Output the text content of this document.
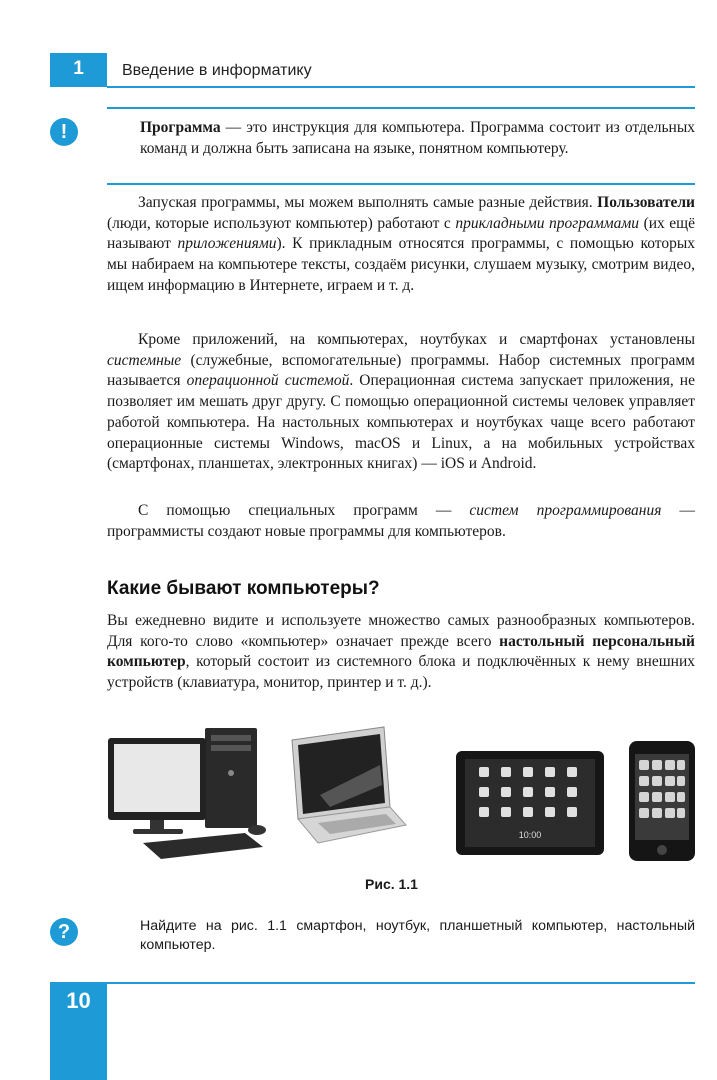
1	Введение в информатику
!	Программа — это инструкция для компьютера. Программа состоит из отдельных команд и должна быть записана на языке, понятном компьютеру.

Запуская программы, мы можем выполнять самые разные действия. Пользователи (люди, которые используют компьютер) работают с прикладными программами (их ещё называют приложениями). К прикладным относятся программы, с помощью которых мы набираем на компьютере тексты, создаём рисунки, слушаем музыку, смотрим видео, ищем информацию в Интернете, играем и т. д.

Кроме приложений, на компьютерах, ноутбуках и смартфонах установлены системные (служебные, вспомогательные) программы. Набор системных программ называется операционной системой. Операционная система запускает приложения, не позволяет им мешать друг другу. С помощью операционной системы человек управляет работой компьютера. На настольных компьютерах и ноутбуках чаще всего работают операционные системы Windows, macOS и Linux, а на мобильных устройствах (смартфонах, планшетах, электронных книгах) — iOS и Android.

С помощью специальных программ — систем программирования — программисты создают новые программы для компьютеров.

Какие бывают компьютеры?

Вы ежедневно видите и используете множество самых разнообразных компьютеров. Для кого-то слово «компьютер» означает прежде всего настольный персональный компьютер, который состоит из системного блока и подключённых к нему внешних устройств (клавиатура, монитор, принтер и т. д.).

10:00
Рис. 1.1
?	Найдите на рис. 1.1 смартфон, ноутбук, планшетный компьютер, настольный компьютер.

10
